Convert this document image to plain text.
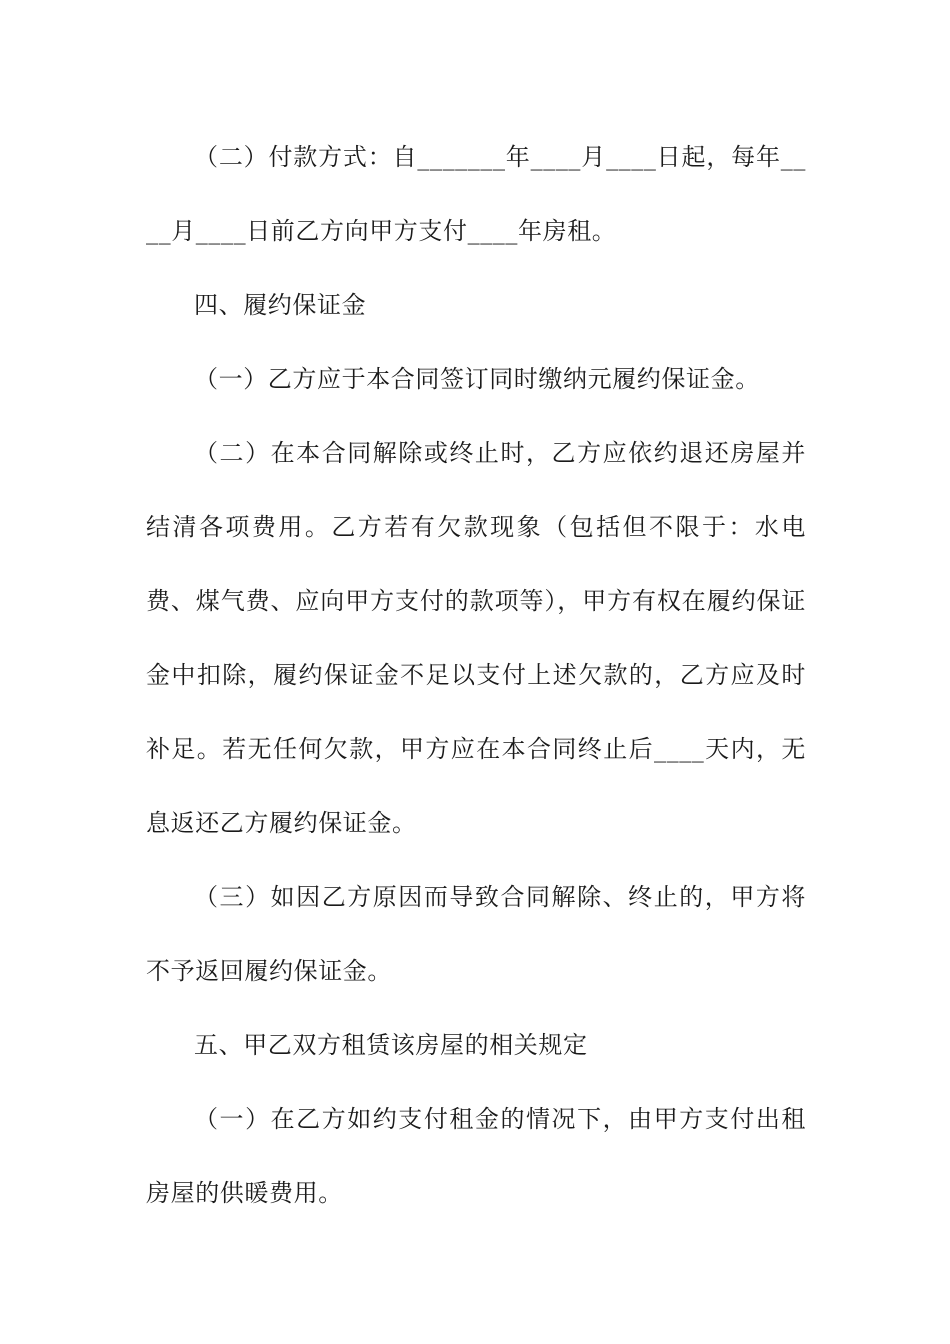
（二）付款方式：自_______年____月____日起，每年____月____日前乙方向甲方支付____年房租。

四、履约保证金

（一）乙方应于本合同签订同时缴纳元履约保证金。

（二）在本合同解除或终止时，乙方应依约退还房屋并结清各项费用。乙方若有欠款现象（包括但不限于：水电费、煤气费、应向甲方支付的款项等），甲方有权在履约保证金中扣除，履约保证金不足以支付上述欠款的，乙方应及时补足。若无任何欠款，甲方应在本合同终止后____天内，无息返还乙方履约保证金。

（三）如因乙方原因而导致合同解除、终止的，甲方将不予返回履约保证金。

五、甲乙双方租赁该房屋的相关规定

（一）在乙方如约支付租金的情况下，由甲方支付出租房屋的供暖费用。
